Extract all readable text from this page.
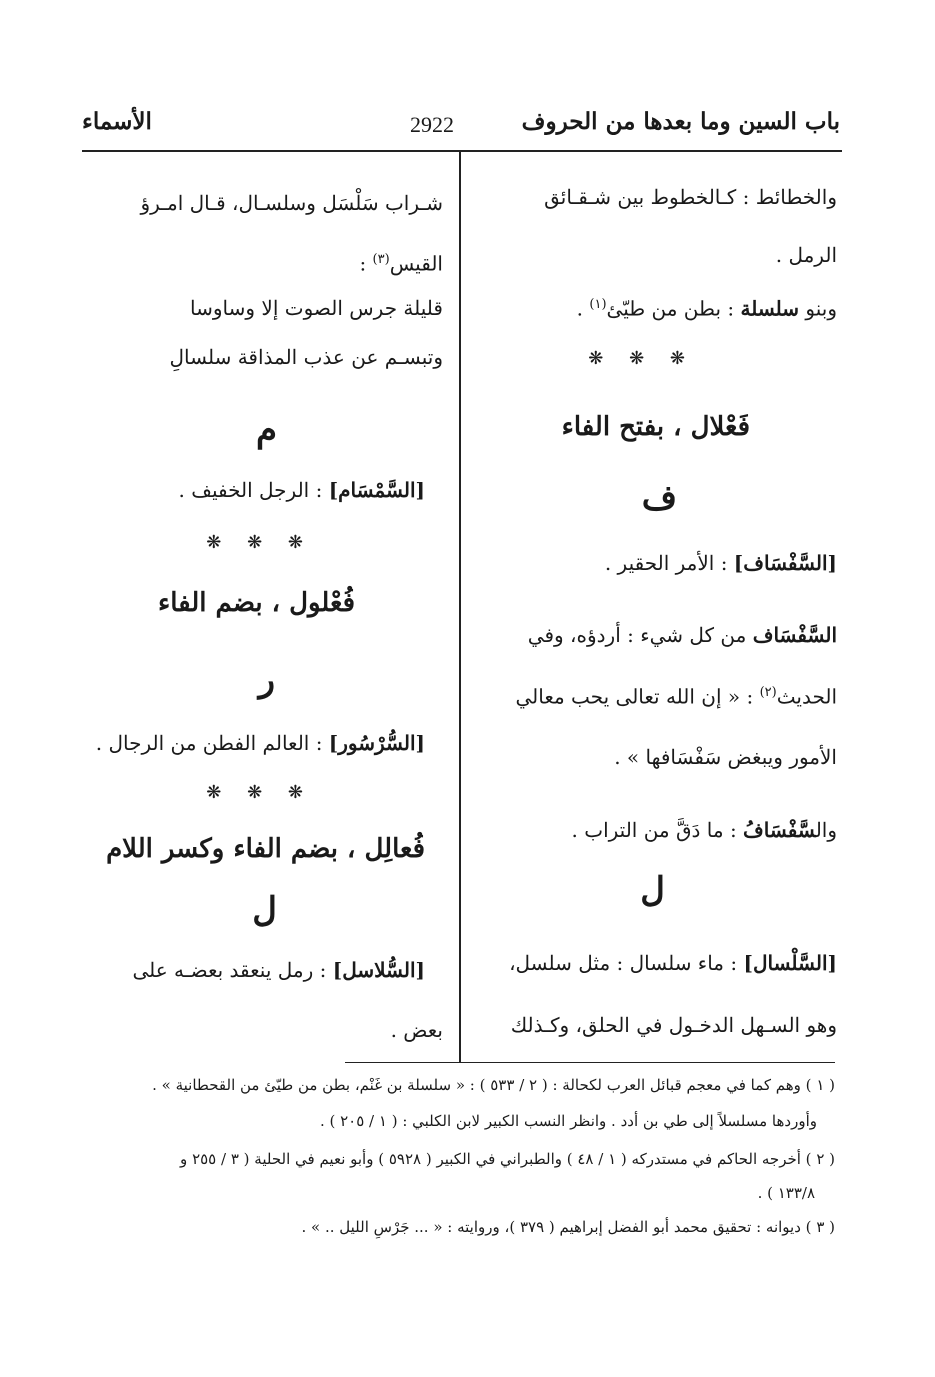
باب السين وما بعدها من الحروف
2922
الأسماء
والخطائط : كـالخطوط بين شـقـائق
الرمل .
وبنو سلسلة : بطن من طيّئ$^{(١)}$ .
❋ ❋ ❋
فَعْلال ، بفتح الفاء
ف
[السَّفْسَاف] : الأمر الحقير .
السَّفْسَاف من كل شيء : أردؤه، وفي
الحديث$^{(٢)}$ : « إن الله تعالى يحب معالي
الأمور ويبغض سَفْسَافها » .
والسَّفْسَافُ : ما دَقَّ من التراب .
ل
[السَّلْسال] : ماء سلسال : مثل سلسل،
وهو السـهل الدخـول في الحلق، وكـذلك
شـراب سَلْسَل وسلسـال، قـال امـرؤ
القيس$^{(٣)}$ :
قليلة جرس الصوت إلا وساوسا
وتبسـم عن عذب المذاقة سلسالِ
م
[السَّمْسَام] : الرجل الخفيف .
❋ ❋ ❋
فُعْلول ، بضم الفاء
ر
[السُّرْسُور] : العالم الفطن من الرجال .
❋ ❋ ❋
فُعالِل ، بضم الفاء وكسر اللام
ل
[السُّلاسل] : رمل ينعقد بعضـه على
بعض .
( ١ ) وهم كما في معجم قبائل العرب لكحالة : ( ٢ / ٥٣٣ ) : « سلسلة بن غَنْم، بطن من طيّئ من القحطانية » .
وأوردها مسلسلاً إلى طي بن أدد . وانظر النسب الكبير لابن الكلبي : ( ١ / ٢٠٥ ) .
( ٢ ) أخرجه الحاكم في مستدركه ( ١ / ٤٨ ) والطبراني في الكبير ( ٥٩٢٨ ) وأبو نعيم في الحلية ( ٣ / ٢٥٥ و
١٣٣/٨ ) .
( ٣ ) ديوانه : تحقيق محمد أبو الفضل إبراهيم ( ٣٧٩ )، وروايته : « ... جَرْسِ الليل .. » .
